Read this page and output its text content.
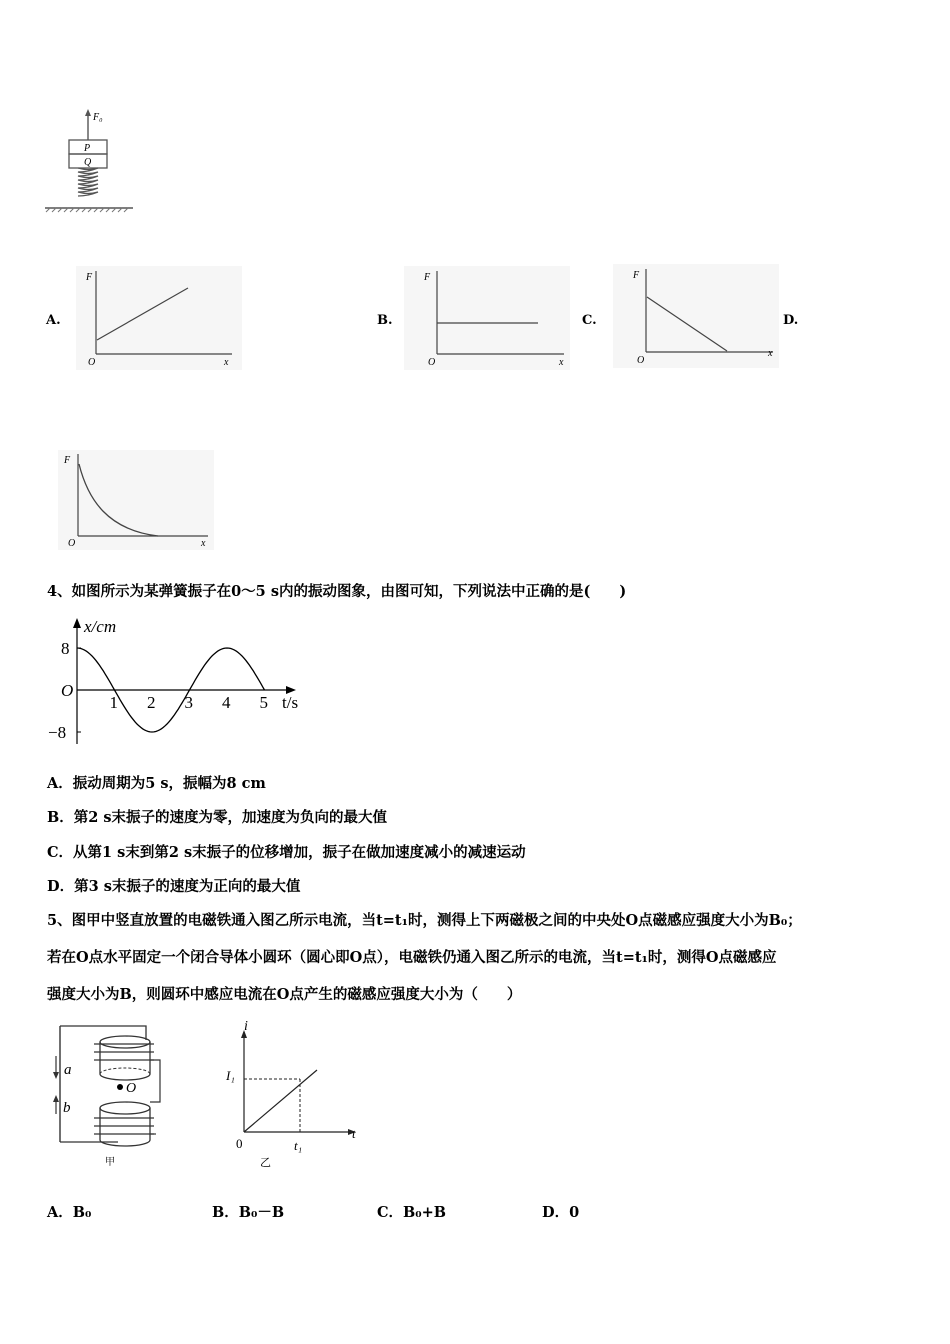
F₀
P
Q
A.
F
O	x
B.
F
O	x
C.
F
O
x
D.
F
O	x
4、如图所示为某弹簧振子在0～5 s内的振动图象，由图可知，下列说法中正确的是(　　)
x/cm
t/s
1 2 3 4 5
8
O
−8
A．振动周期为5 s，振幅为8 cm
B．第2 s末振子的速度为零，加速度为负向的最大值
C．从第1 s末到第2 s末振子的位移增加，振子在做加速度减小的减速运动
D．第3 s末振子的速度为正向的最大值
5、图甲中竖直放置的电磁铁通入图乙所示电流，当t=t₁时，测得上下两磁极之间的中央处O点磁感应强度大小为B₀；
若在O点水平固定一个闭合导体小圆环（圆心即O点），电磁铁仍通入图乙所示的电流，当t=t₁时，测得O点磁感应
强度大小为B，则圆环中感应电流在O点产生的磁感应强度大小为（　　）
a
b
O
甲
i
I₁
0	t₁
t
乙
A．B₀	B．B₀－B	C．B₀+B	D．0
